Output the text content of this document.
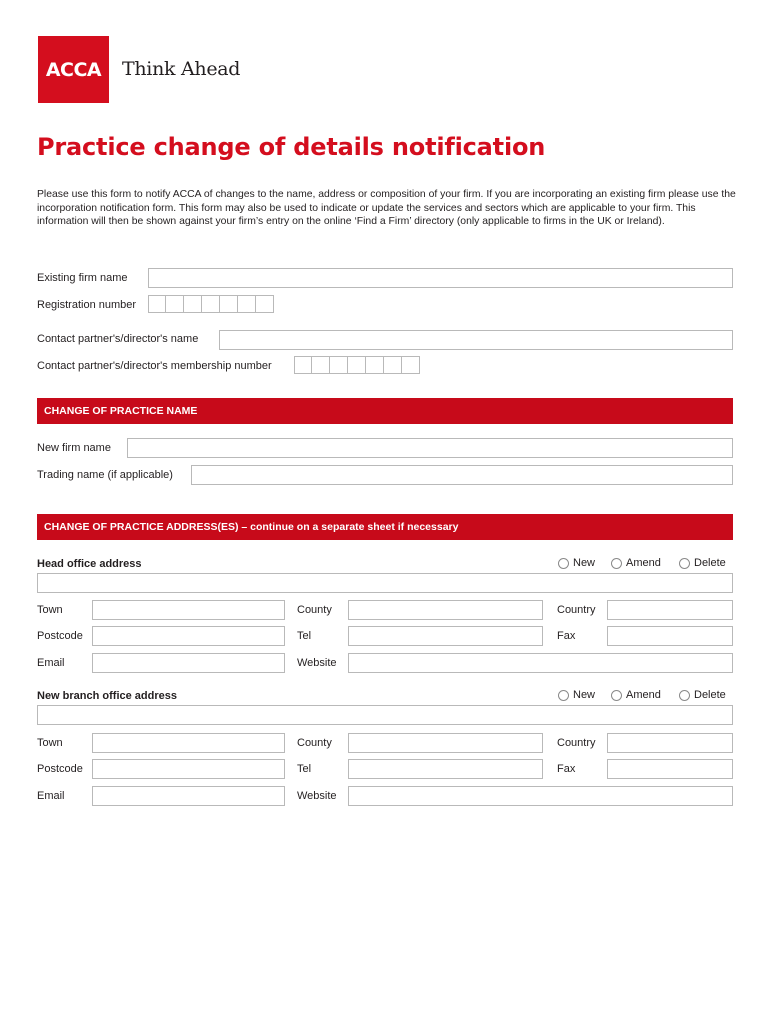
ACCA Think Ahead
Practice change of details notification

Please use this form to notify ACCA of changes to the name, address or composition of your firm. If you are incorporating an existing firm please use the incorporation notification form. This form may also be used to indicate or update the services and sectors which are applicable to your firm. This information will then be shown against your firm’s entry on the online ‘Find a Firm’ directory (only applicable to firms in the UK or Ireland).

Existing firm name
Registration number
Contact partner's/director's name
Contact partner's/director's membership number
CHANGE OF PRACTICE NAME
New firm name
Trading name (if applicable)
CHANGE OF PRACTICE ADDRESS(ES) – continue on a separate sheet if necessary
Head office address	New	Amend	Delete
Town	County	Country
Postcode	Tel	Fax
Email	Website
New branch office address	New	Amend	Delete
Town	County	Country
Postcode	Tel	Fax
Email	Website
